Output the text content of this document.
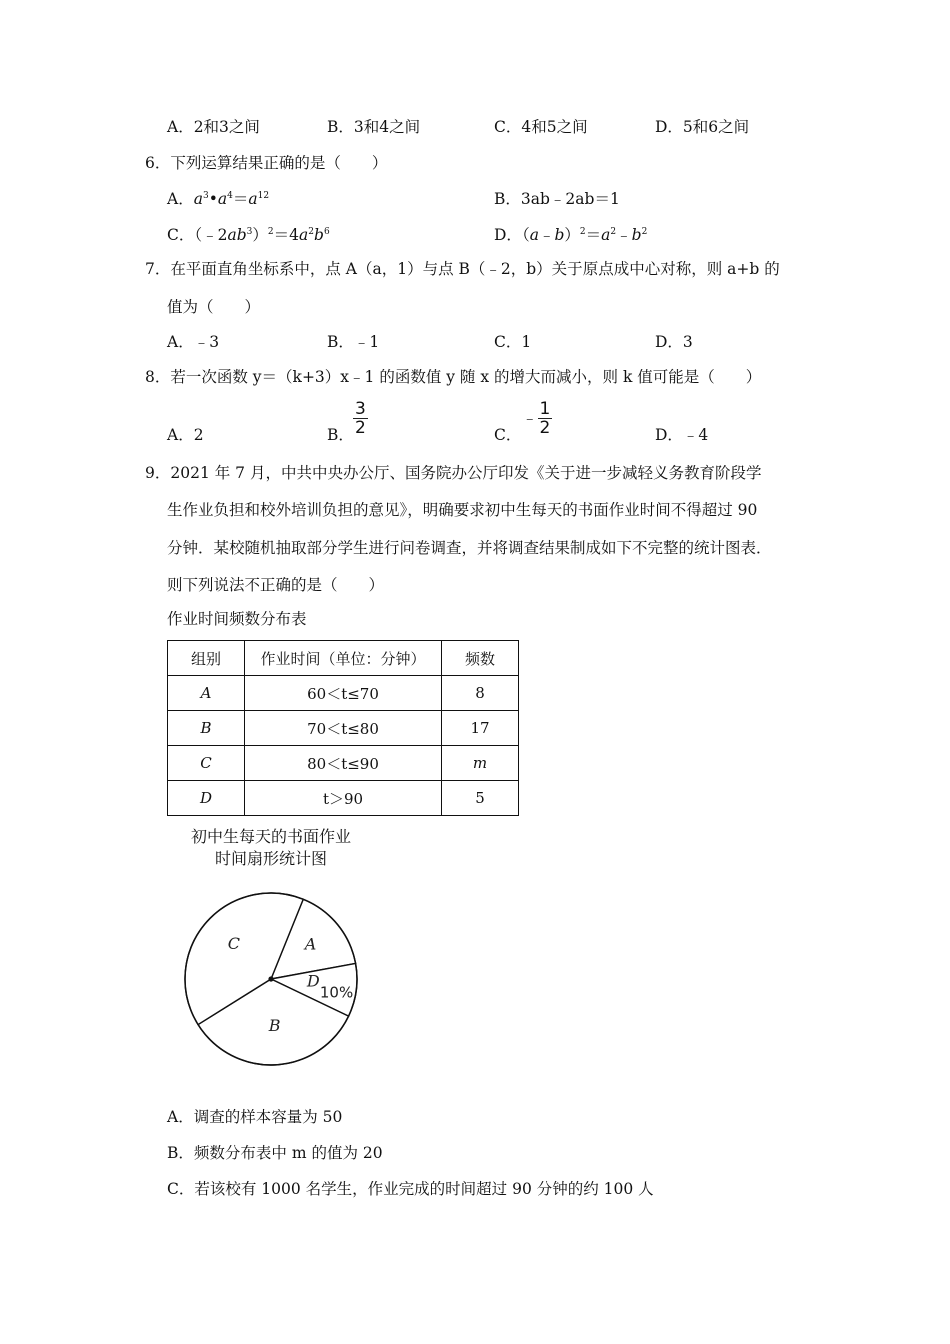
A．2和3之间	B．3和4之间	C．4和5之间	D．5和6之间
6．下列运算结果正确的是（　　）
A．$a^3•a^4=a^{12}$	B．3ab﹣2ab＝1
C．$(﹣2ab^3)^2=4a^2b^6$	D．$(a﹣b)^2=a^2﹣b^2$
7．在平面直角坐标系中，点 A（a，1）与点 B（﹣2，b）关于原点成中心对称，则 a+b 的
值为（　　）
A．﹣3	B．﹣1	C．1	D．3
8．若一次函数 y＝（k+3）x﹣1 的函数值 y 随 x 的增大而减小，则 k 值可能是（　　）
A．2	B． $\frac{3}{2}$	C．
﹣ $\frac{1}{2}$	D．﹣4
9．2021 年 7 月，中共中央办公厅、国务院办公厅印发《关于进一步减轻义务教育阶段学
生作业负担和校外培训负担的意见》，明确要求初中生每天的书面作业时间不得超过 90
分钟．某校随机抽取部分学生进行问卷调查，并将调查结果制成如下不完整的统计图表．
则下列说法不正确的是（　　）
作业时间频数分布表
组别	作业时间（单位：分钟）	频数
A	60＜t≤70	8
B	70＜t≤80	17
C	80＜t≤90	m
D	t＞90	5
初中生每天的书面作业
时间扇形统计图
A
D
10%
B
C
A．调查的样本容量为 50
B．频数分布表中 m 的值为 20
C．若该校有 1000 名学生，作业完成的时间超过 90 分钟的约 100 人
